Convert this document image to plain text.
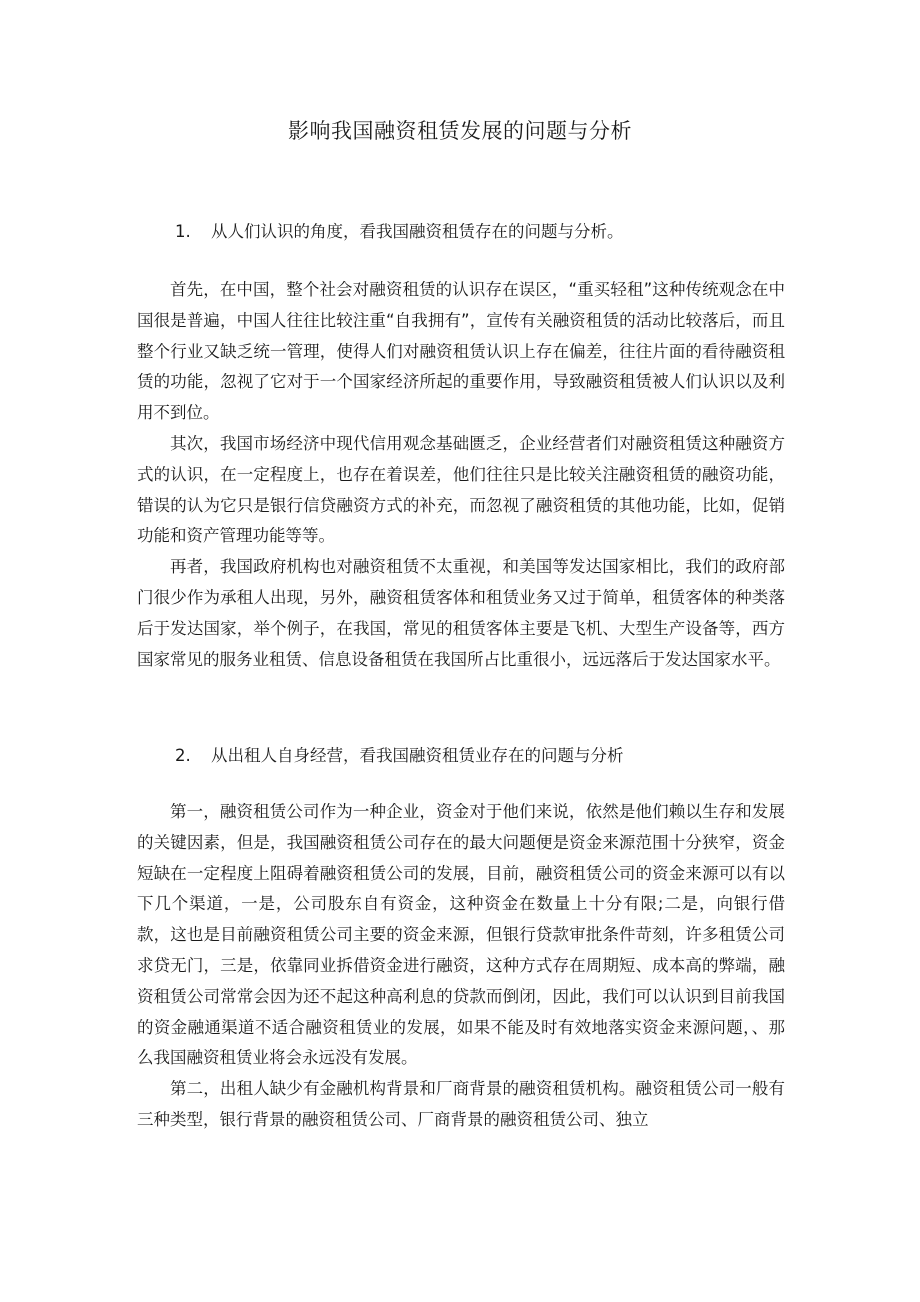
影响我国融资租赁发展的问题与分析
1. 从人们认识的角度，看我国融资租赁存在的问题与分析。

首先，在中国，整个社会对融资租赁的认识存在误区，“重买轻租”这种传统观念在中国很是普遍，中国人往往比较注重“自我拥有”，宣传有关融资租赁的活动比较落后，而且整个行业又缺乏统一管理，使得人们对融资租赁认识上存在偏差，往往片面的看待融资租赁的功能，忽视了它对于一个国家经济所起的重要作用，导致融资租赁被人们认识以及利用不到位。

其次，我国市场经济中现代信用观念基础匮乏，企业经营者们对融资租赁这种融资方式的认识，在一定程度上，也存在着误差，他们往往只是比较关注融资租赁的融资功能，错误的认为它只是银行信贷融资方式的补充，而忽视了融资租赁的其他功能，比如，促销功能和资产管理功能等等。

再者，我国政府机构也对融资租赁不太重视，和美国等发达国家相比，我们的政府部门很少作为承租人出现，另外，融资租赁客体和租赁业务又过于简单，租赁客体的种类落后于发达国家，举个例子，在我国，常见的租赁客体主要是飞机、大型生产设备等，西方国家常见的服务业租赁、信息设备租赁在我国所占比重很小，远远落后于发达国家水平。

2. 从出租人自身经营，看我国融资租赁业存在的问题与分析

第一，融资租赁公司作为一种企业，资金对于他们来说，依然是他们赖以生存和发展的关键因素，但是，我国融资租赁公司存在的最大问题便是资金来源范围十分狭窄，资金短缺在一定程度上阻碍着融资租赁公司的发展，目前，融资租赁公司的资金来源可以有以下几个渠道，一是，公司股东自有资金，这种资金在数量上十分有限;二是，向银行借款，这也是目前融资租赁公司主要的资金来源，但银行贷款审批条件苛刻，许多租赁公司求贷无门，三是，依靠同业拆借资金进行融资，这种方式存在周期短、成本高的弊端，融资租赁公司常常会因为还不起这种高利息的贷款而倒闭，因此，我们可以认识到目前我国的资金融通渠道不适合融资租赁业的发展，如果不能及时有效地落实资金来源问题，、那么我国融资租赁业将会永远没有发展。

第二，出租人缺少有金融机构背景和厂商背景的融资租赁机构。融资租赁公司一般有三种类型，银行背景的融资租赁公司、厂商背景的融资租赁公司、独立
